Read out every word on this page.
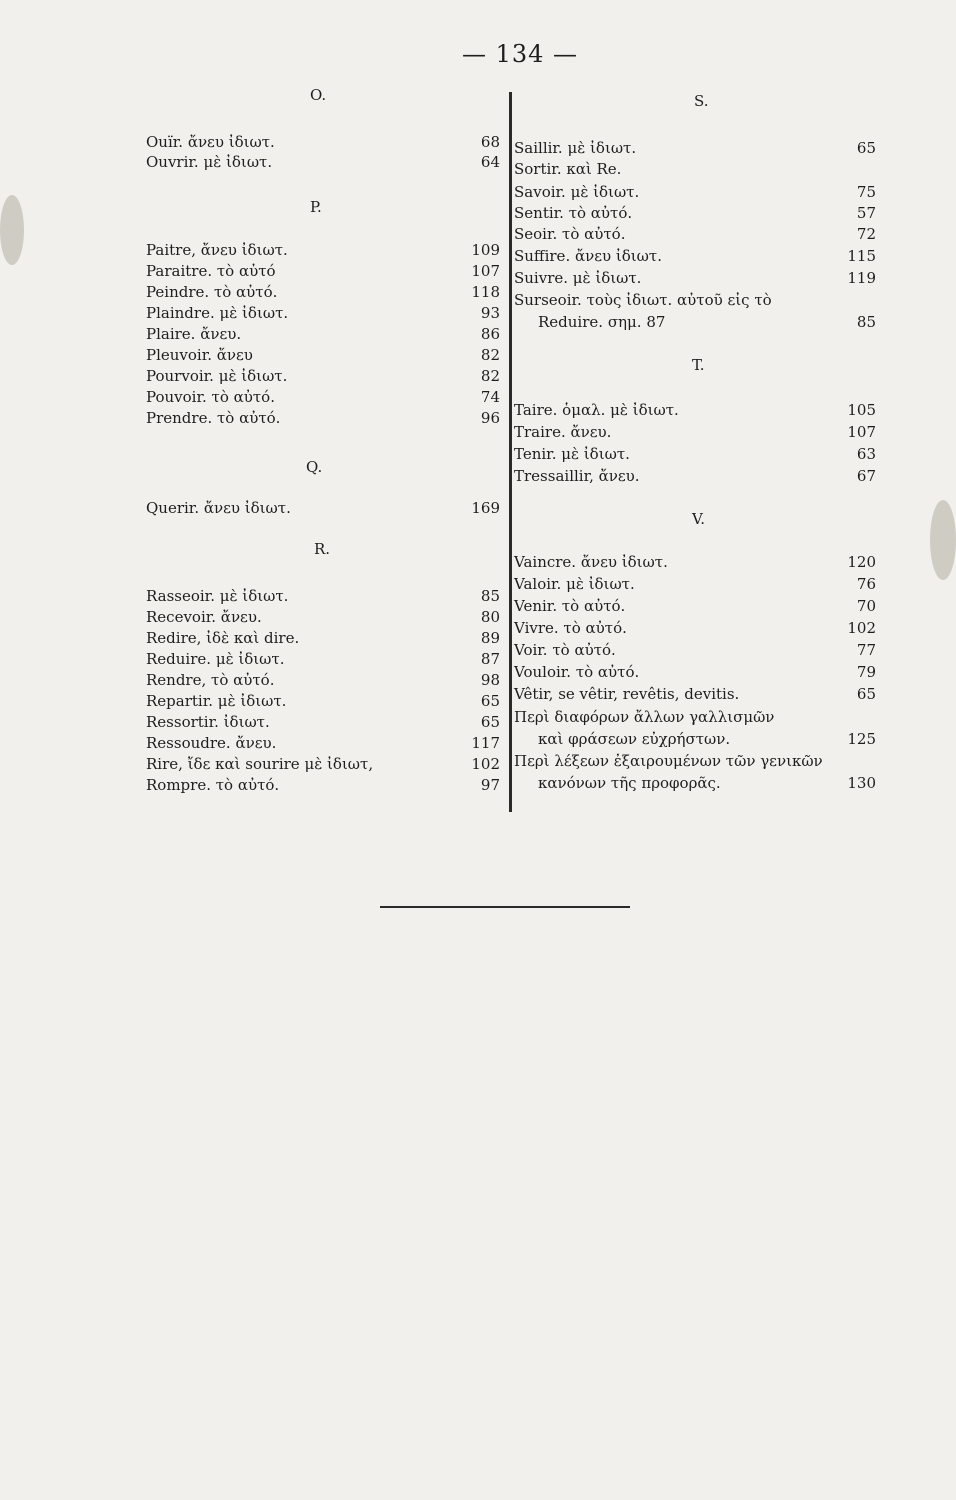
— 134 —
O.
Ouïr. ἄνευ ἰδιωτ.	68
Ouvrir. μὲ ἰδιωτ.	64
P.
Paitre, ἄνευ ἰδιωτ.	109
Paraitre. τὸ αὐτό	107
Peindre. τὸ αὐτό.	118
Plaindre. μὲ ἰδιωτ.	93
Plaire. ἄνευ.	86
Pleuvoir. ἄνευ	82
Pourvoir. μὲ ἰδιωτ.	82
Pouvoir. τὸ αὐτό.	74
Prendre. τὸ αὐτό.	96
Q.
Querir. ἄνευ ἰδιωτ.	169
R.
Rasseoir. μὲ ἰδιωτ.	85
Recevoir. ἄνευ.	80
Redire, ἰδὲ καὶ dire.	89
Reduire. μὲ ἰδιωτ.	87
Rendre, τὸ αὐτό.	98
Repartir. μὲ ἰδιωτ.	65
Ressortir. ἰδιωτ.	65
Ressoudre. ἄνευ.	117
Rire, ἴδε καὶ sourire μὲ ἰδιωτ,	102
Rompre. τὸ αὐτό.	97
S.
Saillir. μὲ ἰδιωτ.	65
Sortir. καὶ Re.
Savoir. μὲ ἰδιωτ.	75
Sentir. τὸ αὐτό.	57
Seoir. τὸ αὐτό.	72
Suffire. ἄνευ ἰδιωτ.	115
Suivre. μὲ ἰδιωτ.	119
Surseoir. τοὺς ἰδιωτ. αὐτοῦ εἰς τὸ
Reduire. σημ. 87	85
T.
Taire. ὁμαλ. μὲ ἰδιωτ.	105
Traire. ἄνευ.	107
Tenir. μὲ ἰδιωτ.	63
Tressaillir, ἄνευ.	67
V.
Vaincre. ἄνευ ἰδιωτ.	120
Valoir. μὲ ἰδιωτ.	76
Venir. τὸ αὐτό.	70
Vivre. τὸ αὐτό.	102
Voir. τὸ αὐτό.	77
Vouloir. τὸ αὐτό.	79
Vêtir, se vêtir, revêtis, devitis.	65
Περὶ διαφόρων ἄλλων γαλλισμῶν
καὶ φράσεων εὐχρήστων.	125
Περὶ λέξεων ἐξαιρουμένων τῶν γενικῶν
κανόνων τῆς προφορᾶς.	130
